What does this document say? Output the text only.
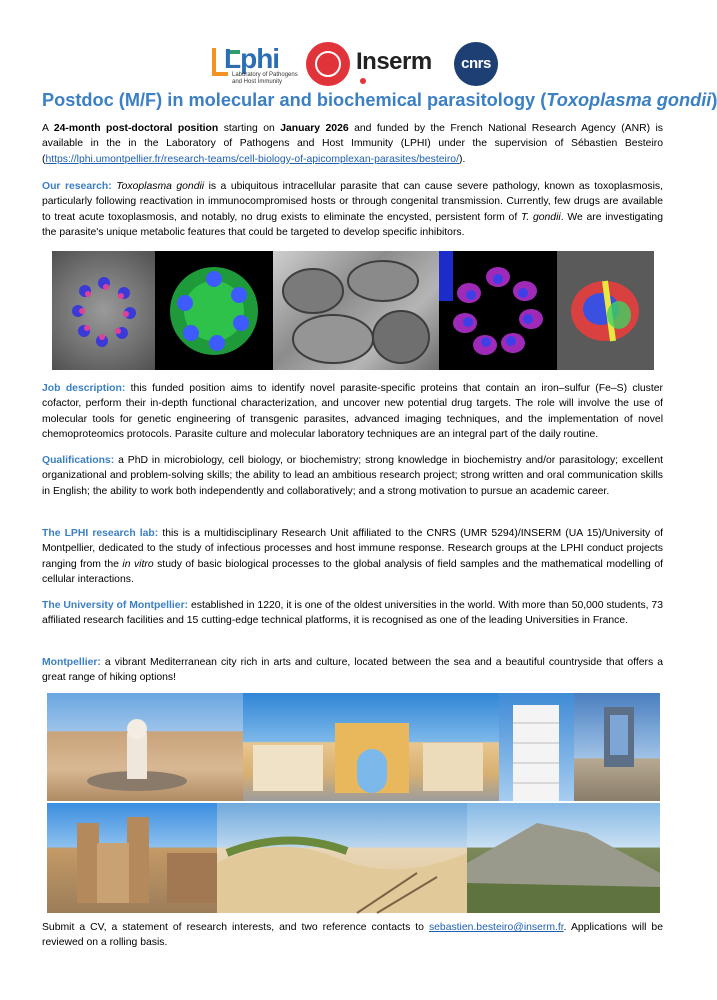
Lphi
Laboratory of Pathogens and Host Immunity
Inserm	cnrs
Postdoc (M/F) in molecular and biochemical parasitology (Toxoplasma gondii)

A 24-month post-doctoral position starting on January 2026 and funded by the French National Research Agency (ANR) is available in the in the Laboratory of Pathogens and Host Immunity (LPHI) under the supervision of Sébastien Besteiro (https://lphi.umontpellier.fr/research-teams/cell-biology-of-apicomplexan-parasites/besteiro/).

Our research: Toxoplasma gondii is a ubiquitous intracellular parasite that can cause severe pathology, known as toxoplasmosis, particularly following reactivation in immunocompromised hosts or through congenital transmission. Currently, few drugs are available to treat acute toxoplasmosis, and notably, no drug exists to eliminate the encysted, persistent form of T. gondii. We are investigating the parasite's unique metabolic features that could be targeted to develop specific inhibitors.

Job description: this funded position aims to identify novel parasite-specific proteins that contain an iron–sulfur (Fe–S) cluster cofactor, perform their in-depth functional characterization, and uncover new potential drug targets. The role will involve the use of molecular tools for genetic engineering of transgenic parasites, advanced imaging techniques, and the implementation of novel chemoproteomics protocols. Parasite culture and molecular laboratory techniques are an integral part of the daily routine.

Qualifications: a PhD in microbiology, cell biology, or biochemistry; strong knowledge in biochemistry and/or parasitology; excellent organizational and problem-solving skills; the ability to lead an ambitious research project; strong written and oral communication skills in English; the ability to work both independently and collaboratively; and a strong motivation to pursue an academic career.

The LPHI research lab: this is a multidisciplinary Research Unit affiliated to the CNRS (UMR 5294)/INSERM (UA 15)/University of Montpellier, dedicated to the study of infectious processes and host immune response. Research groups at the LPHI conduct projects ranging from the in vitro study of basic biological processes to the global analysis of field samples and the mathematical modelling of cellular interactions.

The University of Montpellier: established in 1220, it is one of the oldest universities in the world. With more than 50,000 students, 73 affiliated research facilities and 15 cutting-edge technical platforms, it is recognised as one of the leading Universities in France.

Montpellier: a vibrant Mediterranean city rich in arts and culture, located between the sea and a beautiful countryside that offers a great range of hiking options!

Submit a CV, a statement of research interests, and two reference contacts to sebastien.besteiro@inserm.fr. Applications will be reviewed on a rolling basis.
